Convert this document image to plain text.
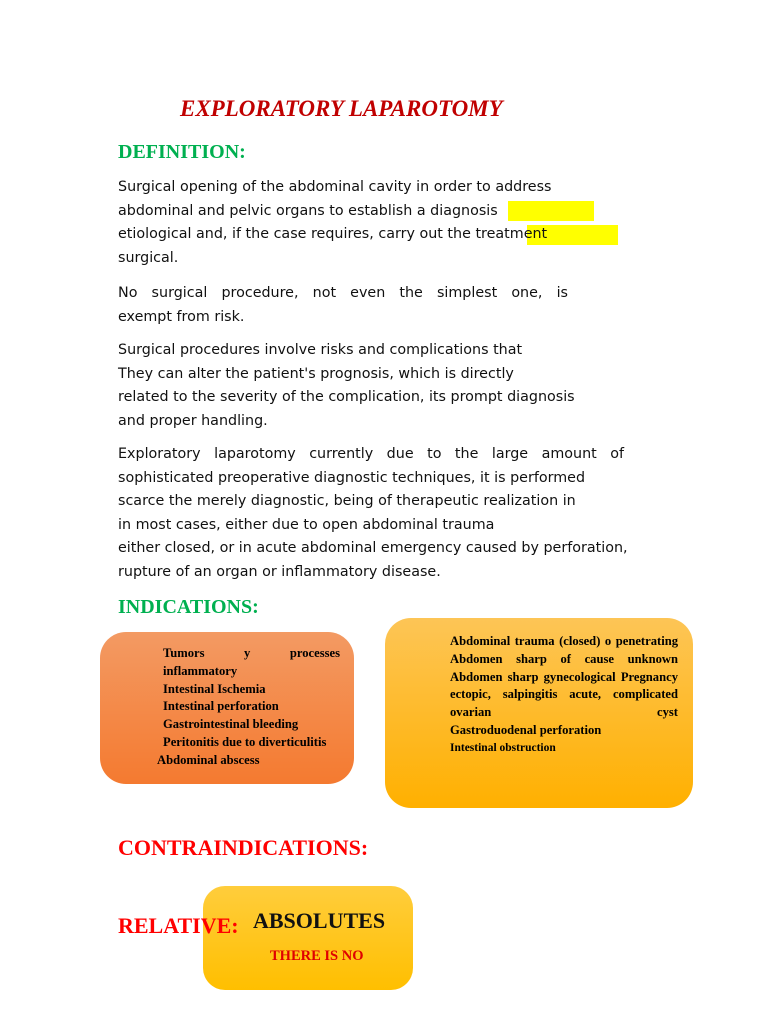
EXPLORATORY LAPAROTOMY
DEFINITION:
Surgical opening of the abdominal cavity in order to address
abdominal and pelvic organs to establish a diagnosis
etiological and, if the case requires, carry out the treatment
surgical.
No surgical procedure, not even the simplest one, is
exempt from risk.
Surgical procedures involve risks and complications that
They can alter the patient's prognosis, which is directly
related to the severity of the complication, its prompt diagnosis
and proper handling.
Exploratory laparotomy currently due to the large amount of
sophisticated preoperative diagnostic techniques, it is performed
scarce the merely diagnostic, being of therapeutic realization in
in most cases, either due to open abdominal trauma
either closed, or in acute abdominal emergency caused by perforation,
rupture of an organ or inflammatory disease.
INDICATIONS:
Tumors y processes inflammatory
Intestinal Ischemia
Intestinal perforation
Gastrointestinal bleeding
Peritonitis due to diverticulitis
Abdominal abscess
Abdominal trauma (closed) o penetrating
Abdomen sharp of cause unknown
Abdomen sharp gynecological Pregnancy ectopic, salpingitis acute, complicated ovarian cyst
Gastroduodenal perforation
Intestinal obstruction
CONTRAINDICATIONS:
RELATIVE: ABSOLUTES
THERE IS NO
